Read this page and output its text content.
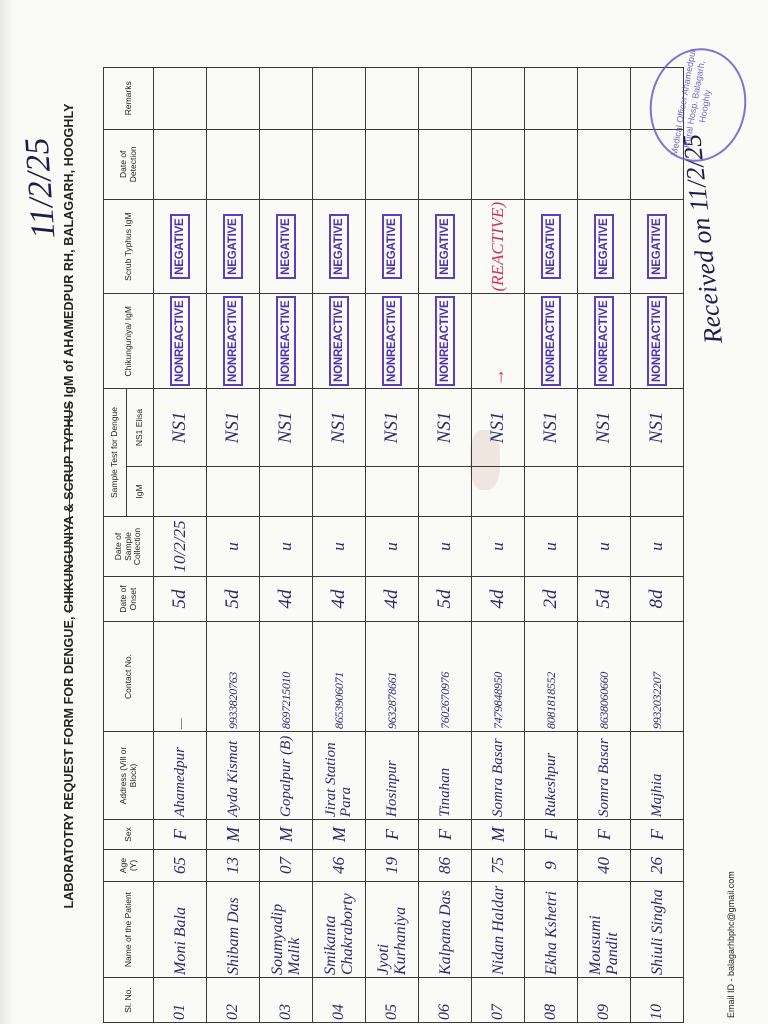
11/2/25
LABORATOTRY REQUEST FORM FOR DENGUE, CHIKUNGUNIYA & SCRUP TYPHUS IgM of AHAMEDPUR RH, BALAGARH, HOOGHLY
Sl. No.	Name of the Patient	Age (Y)	Sex	Address (Vill or Block)	Contact No.	Date of Onset	Date of Sample Collection	Sample Test for Dengue		Chikunguniya/ IgM	Scrub Typhus IgM	Date of Detection	Remarks
								IgM	NS1 Elisa				
01	Moni Bala	65	F	Ahamedpur	—	5d	10/2/25		NS1	NONREACTIVE	NEGATIVE		

02	Shibam Das	13	M	Ayda Kismat	9933820763	5d	u		NS1	NONREACTIVE	NEGATIVE		

03	Soumyadip Malik	07	M	Gopalpur (B)	8697215010	4d	u		NS1	NONREACTIVE	NEGATIVE		

04	Smikanta Chakraborty	46	M	Jirat Station Para	8653906071	4d	u		NS1	NONREACTIVE	NEGATIVE		

05	Jyoti Kurhaniya	19	F	Hosinpur	9632878661	4d	u		NS1	NONREACTIVE	NEGATIVE		

06	Kalpana Das	86	F	Tinahan	7602670976	5d	u		NS1	NONREACTIVE	NEGATIVE		

07	Nidan Haldar	75	M	Somra Basar	7479848950	4d	u		NS1	→	(REACTIVE)		
08	Ekha Kshetri	9	F	Rukeshpur	8081818552	2d	u		NS1	NONREACTIVE	NEGATIVE		

09	Mousumi Pandit	40	F	Somra Basar	8638060660	5d	u		NS1	NONREACTIVE	NEGATIVE		

10	Shiuli Singha	26	F	Majhia	9932032207	8d	u		NS1	NONREACTIVE	NEGATIVE		

Email ID - balagarhbphc@gmail.com
Received on 11/2/25
Medical Officer Ahamedpur Rural Hosp. Balagarh, Hooghly
